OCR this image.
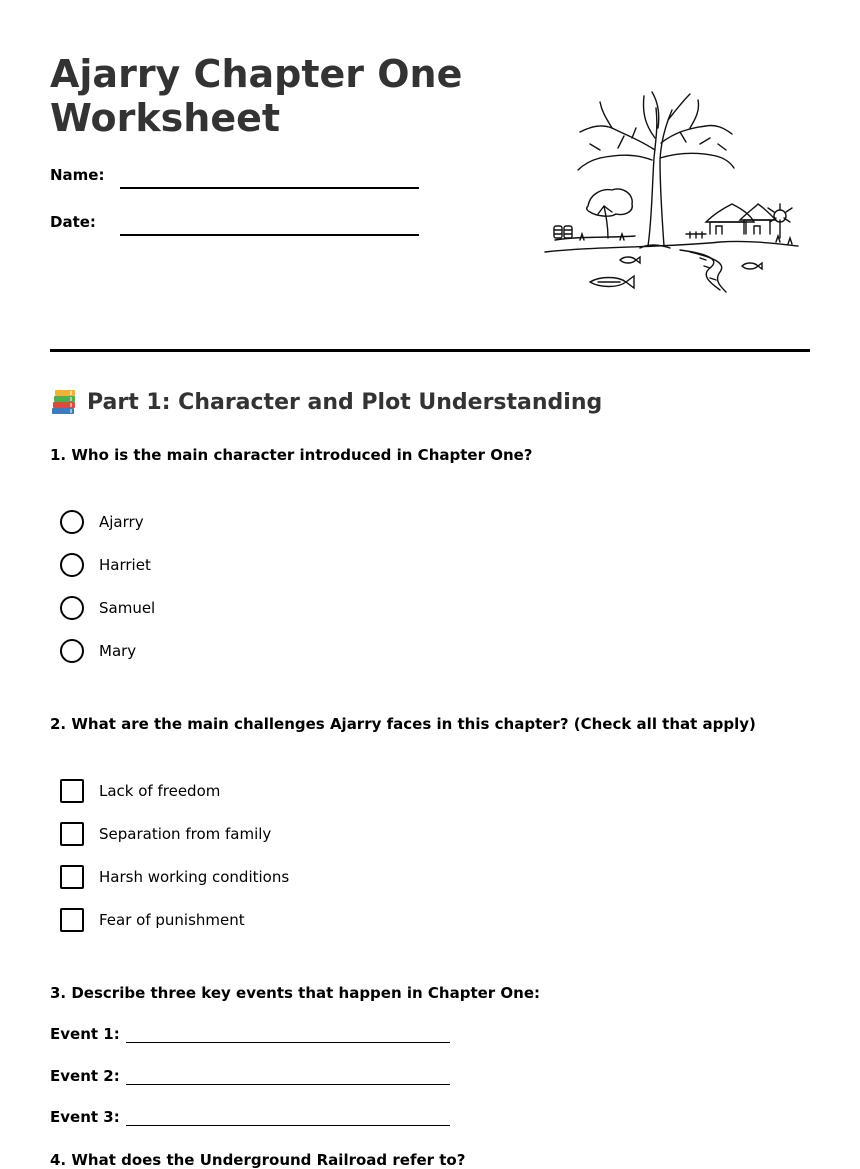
Ajarry Chapter One Worksheet
Name:
Date:
Part 1: Character and Plot Understanding
1. Who is the main character introduced in Chapter One?
Ajarry
Harriet
Samuel
Mary
2. What are the main challenges Ajarry faces in this chapter? (Check all that apply)
Lack of freedom
Separation from family
Harsh working conditions
Fear of punishment
3. Describe three key events that happen in Chapter One:
Event 1:
Event 2:
Event 3:
4. What does the Underground Railroad refer to?
